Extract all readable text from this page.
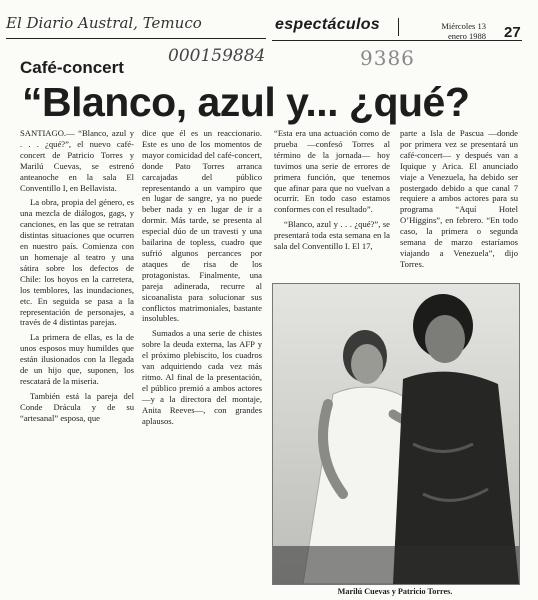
El Diario Austral, Temuco	espectáculos	Miércoles 13
enero 1988 27
000159884	9386
Café-concert
“Blanco, azul y... ¿qué?

SANTIAGO.— “Blanco, azul y . . . ¿qué?”, el nuevo café-concert de Patricio Torres y Marilú Cuevas, se estrenó anteanoche en la sala El Conventillo I, en Bellavista.

La obra, propia del género, es una mezcla de diálogos, gags, y canciones, en las que se retratan distintas situaciones que ocurren en nuestro país. Comienza con un homenaje al teatro y una sátira sobre los defectos de Chile: los hoyos en la carretera, los temblores, las inundaciones, etc. En seguida se pasa a la representación de personajes, a través de 4 distintas parejas.

La primera de ellas, es la de unos esposos muy humildes que están ilusionados con la llegada de un hijo que, suponen, los rescatará de la miseria.

También está la pareja del Conde Drácula y de su “artesanal” esposa, que

dice que él es un reaccionario. Este es uno de los momentos de mayor comicidad del café-concert, donde Pato Torres arranca carcajadas del público representando a un vampiro que en lugar de sangre, ya no puede beber nada y en lugar de ir a dormir. Más tarde, se presenta al especial dúo de un travesti y una bailarina de topless, cuadro que sufrió algunos percances por ataques de risa de los protagonistas. Finalmente, una pareja adinerada, recurre al sicoanalista para solucionar sus conflictos matrimoniales, bastante insolubles.

Sumados a una serie de chistes sobre la deuda externa, las AFP y el próximo plebiscito, los cuadros van adquiriendo cada vez más ritmo. Al final de la presentación, el público premió a ambos actores —y a la directora del montaje, Anita Reeves—, con grandes aplausos.

“Esta era una actuación como de prueba —confesó Torres al término de la jornada— hoy tuvimos una serie de errores de primera función, que tenemos que afinar para que no vuelvan a ocurrir. En todo caso estamos conformes con el resultado”.

“Blanco, azul y . . . ¿qué?”, se presentará toda esta semana en la sala del Conventillo I. El 17,

parte a Isla de Pascua —donde por primera vez se presentará un café-concert— y después van a Iquique y Arica. El anunciado viaje a Venezuela, ha debido ser postergado debido a que canal 7 requiere a ambos actores para su programa “Aquí Hotel O’Higgins”, en febrero. “En todo caso, la primera o segunda semana de marzo estaríamos viajando a Venezuela”, dijo Torres.

Marilú Cuevas y Patricio Torres.
